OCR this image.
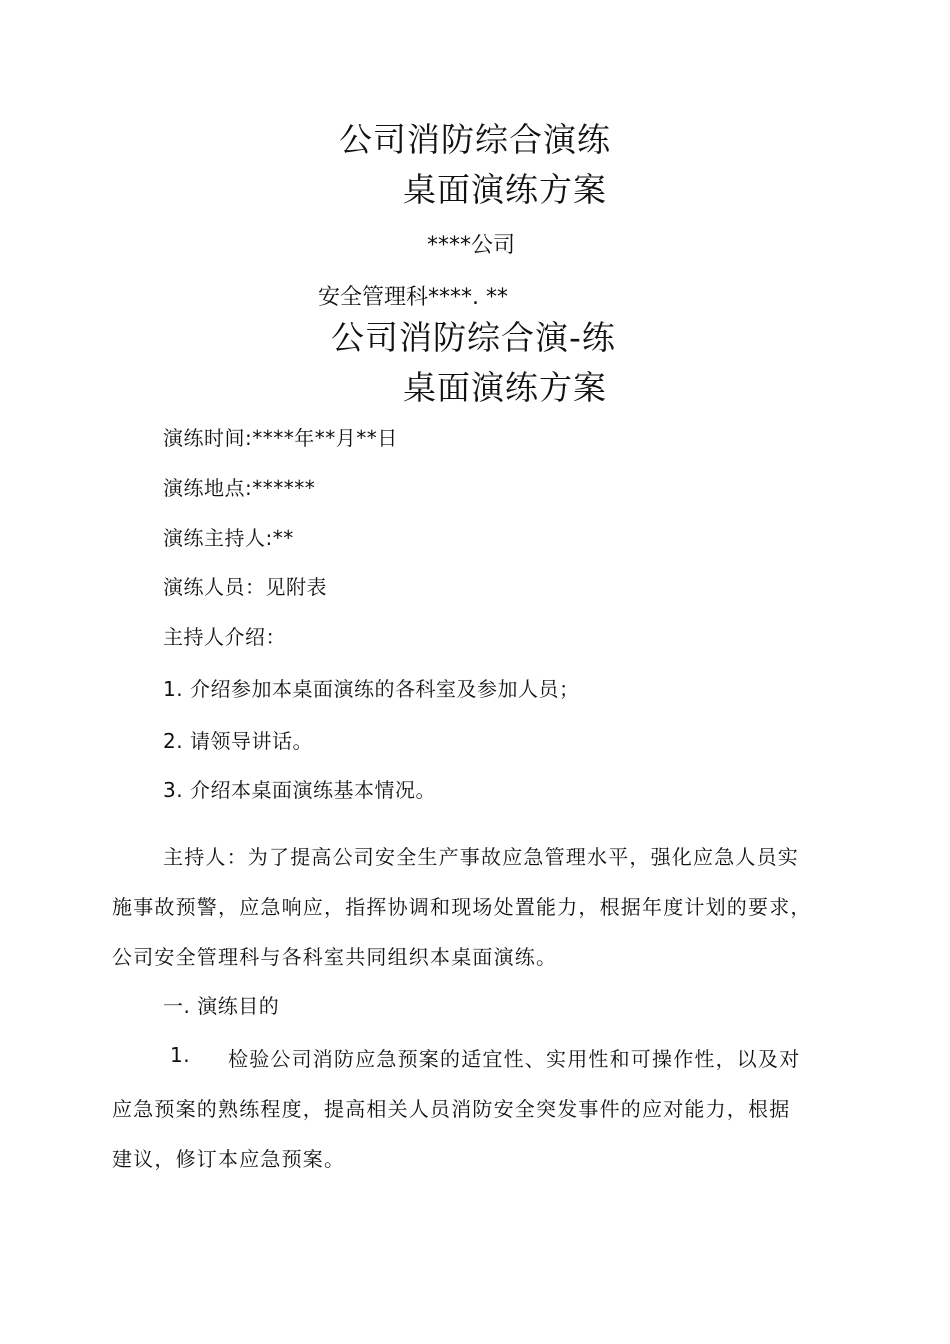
公司消防综合演练
桌面演练方案
****公司
安全管理科****. **
公司消防综合演-练
桌面演练方案
演练时间:****年**月**日
演练地点:******
演练主持人:**
演练人员：见附表
主持人介绍：
1. 介绍参加本桌面演练的各科室及参加人员；
2. 请领导讲话。
3. 介绍本桌面演练基本情况。
主持人：为了提高公司安全生产事故应急管理水平，强化应急人员实
施事故预警，应急响应，指挥协调和现场处置能力，根据年度计划的要求，
公司安全管理科与各科室共同组织本桌面演练。
一. 演练目的
1. 检验公司消防应急预案的适宜性、实用性和可操作性，以及对
应急预案的熟练程度，提高相关人员消防安全突发事件的应对能力，根据
建议，修订本应急预案。
